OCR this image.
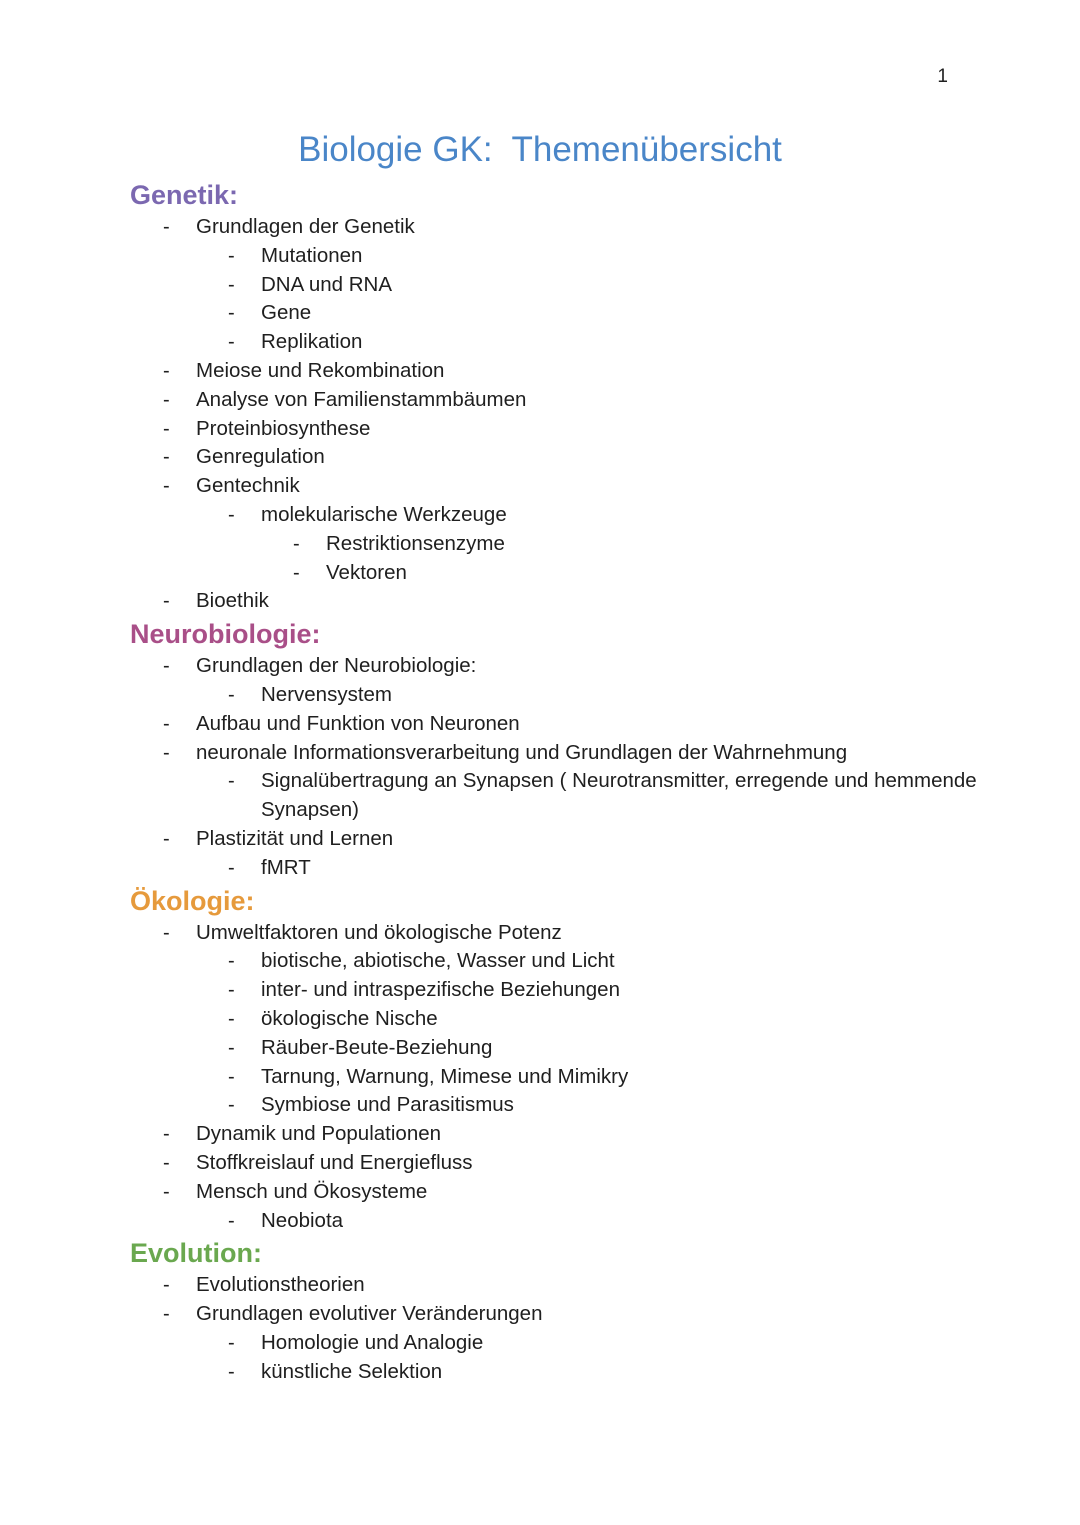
1
Biologie GK:  Themenübersicht
Genetik:
- Grundlagen der Genetik
- Mutationen
- DNA und RNA
- Gene
- Replikation
- Meiose und Rekombination
- Analyse von Familienstammbäumen
- Proteinbiosynthese
- Genregulation
- Gentechnik
- molekularische Werkzeuge
- Restriktionsenzyme
- Vektoren
- Bioethik
Neurobiologie:
- Grundlagen der Neurobiologie:
- Nervensystem
- Aufbau und Funktion von Neuronen
- neuronale Informationsverarbeitung und Grundlagen der Wahrnehmung
- Signalübertragung an Synapsen ( Neurotransmitter, erregende und hemmende Synapsen)
- Plastizität und Lernen
- fMRT
Ökologie:
- Umweltfaktoren und ökologische Potenz
- biotische, abiotische, Wasser und Licht
- inter- und intraspezifische Beziehungen
- ökologische Nische
- Räuber-Beute-Beziehung
- Tarnung, Warnung, Mimese und Mimikry
- Symbiose und Parasitismus
- Dynamik und Populationen
- Stoffkreislauf und Energiefluss
- Mensch und Ökosysteme
- Neobiota
Evolution:
- Evolutionstheorien
- Grundlagen evolutiver Veränderungen
- Homologie und Analogie
- künstliche Selektion
